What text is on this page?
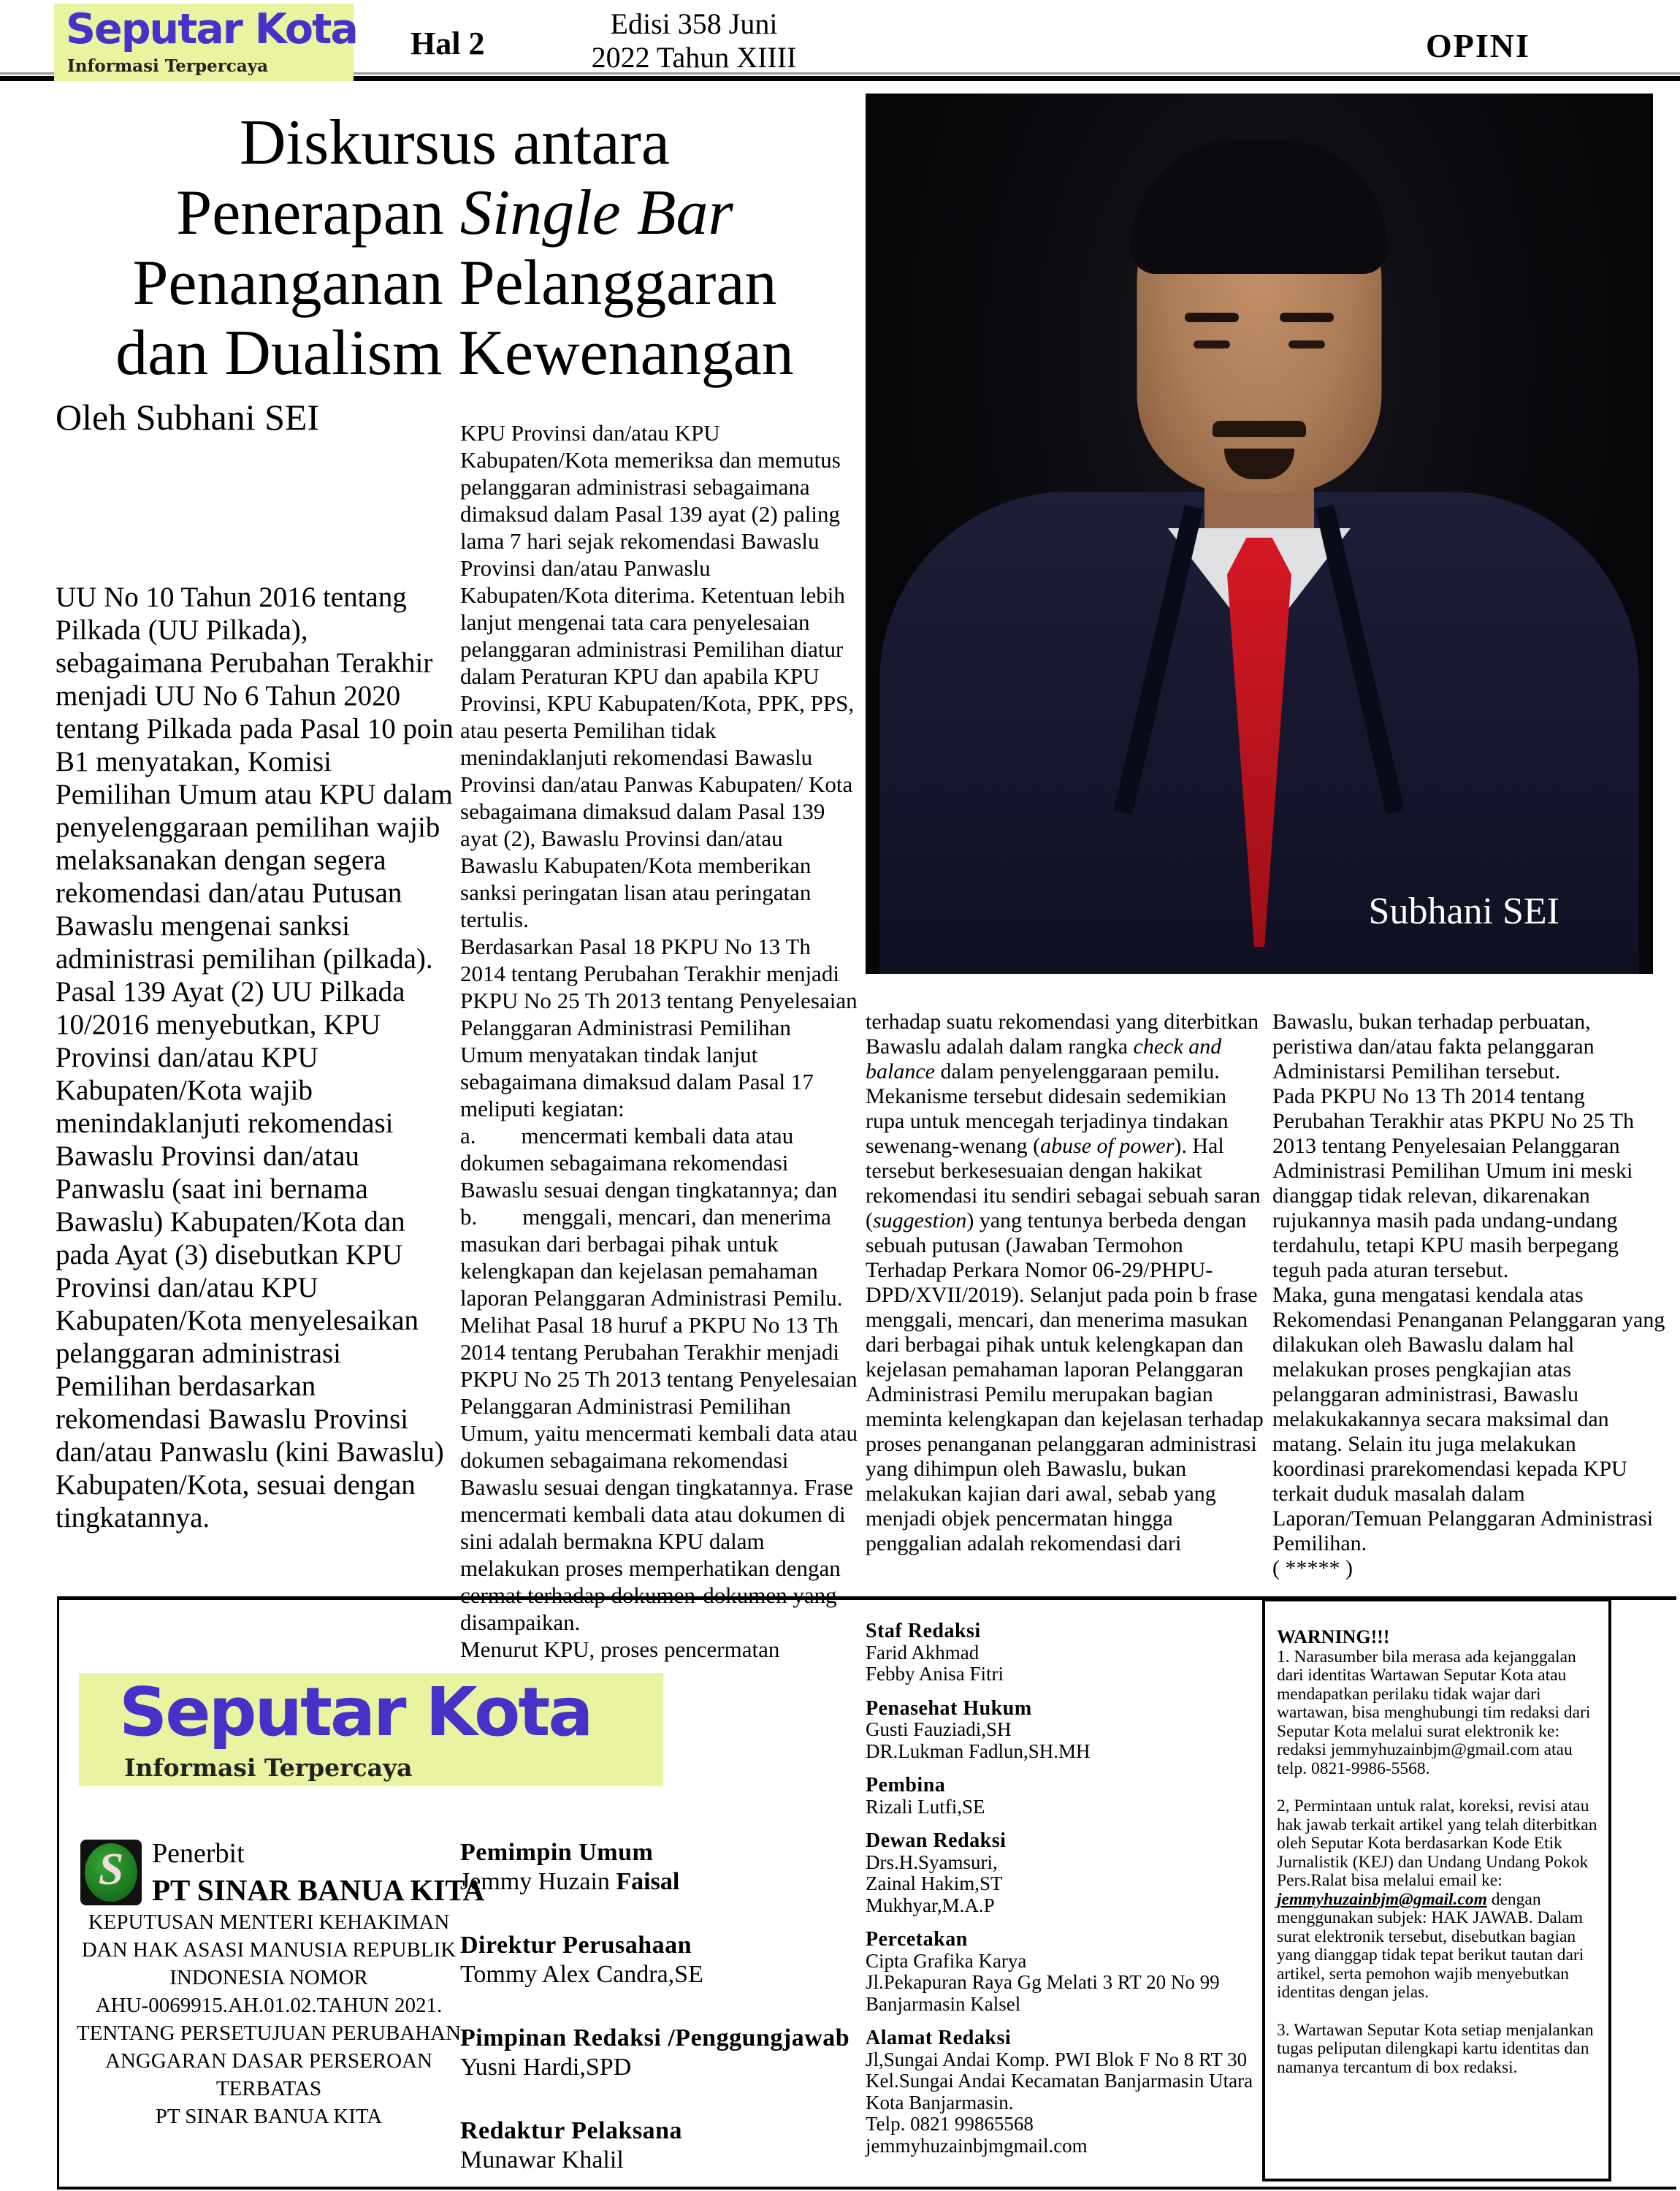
Seputar Kota
Informasi Terpercaya
Hal 2
Edisi 358 Juni
2022 Tahun XIIII	OPINI
Diskursus antara
Penerapan Single Bar
Penanganan Pelanggaran
dan Dualism Kewenangan
Oleh Subhani SEI
Subhani SEI

UU No 10 Tahun 2016 tentang Pilkada (UU Pilkada), sebagaimana Perubahan Terakhir menjadi UU No 6 Tahun 2020 tentang Pilkada pada Pasal 10 poin B1 menyatakan, Komisi Pemilihan Umum atau KPU dalam penyelenggaraan pemilihan wajib melaksanakan dengan segera rekomendasi dan/atau Putusan Bawaslu mengenai sanksi administrasi pemilihan (pilkada).

Pasal 139 Ayat (2) UU Pilkada 10/2016 menyebutkan, KPU Provinsi dan/atau KPU Kabupaten/Kota wajib menindaklanjuti rekomendasi Bawaslu Provinsi dan/atau Panwaslu (saat ini bernama Bawaslu) Kabupaten/Kota dan pada Ayat (3) disebutkan KPU Provinsi dan/atau KPU Kabupaten/Kota menyelesaikan pelanggaran administrasi Pemilihan berdasarkan rekomendasi Bawaslu Provinsi dan/atau Panwaslu (kini Bawaslu) Kabupaten/Kota, sesuai dengan tingkatannya.

KPU Provinsi dan/atau KPU Kabupaten/Kota memeriksa dan memutus pelanggaran administrasi sebagaimana dimaksud dalam Pasal 139 ayat (2) paling lama 7 hari sejak rekomendasi Bawaslu Provinsi dan/atau Panwaslu Kabupaten/Kota diterima. Ketentuan lebih lanjut mengenai tata cara penyelesaian pelanggaran administrasi Pemilihan diatur dalam Peraturan KPU dan apabila KPU Provinsi, KPU Kabupaten/Kota, PPK, PPS, atau peserta Pemilihan tidak menindaklanjuti rekomendasi Bawaslu Provinsi dan/atau Panwas Kabupaten/ Kota sebagaimana dimaksud dalam Pasal 139 ayat (2), Bawaslu Provinsi dan/atau Bawaslu Kabupaten/Kota memberikan sanksi peringatan lisan atau peringatan tertulis.

Berdasarkan Pasal 18 PKPU No 13 Th 2014 tentang Perubahan Terakhir menjadi PKPU No 25 Th 2013 tentang Penyelesaian Pelanggaran Administrasi Pemilihan Umum menyatakan tindak lanjut sebagaimana dimaksud dalam Pasal 17 meliputi kegiatan:

a.  mencermati kembali data atau dokumen sebagaimana rekomendasi Bawaslu sesuai dengan tingkatannya; dan

b.  menggali, mencari, dan menerima masukan dari berbagai pihak untuk kelengkapan dan kejelasan pemahaman laporan Pelanggaran Administrasi Pemilu.

Melihat Pasal 18 huruf a PKPU No 13 Th 2014 tentang Perubahan Terakhir menjadi PKPU No 25 Th 2013 tentang Penyelesaian Pelanggaran Administrasi Pemilihan Umum, yaitu mencermati kembali data atau dokumen sebagaimana rekomendasi Bawaslu sesuai dengan tingkatannya. Frase mencermati kembali data atau dokumen di sini adalah bermakna KPU dalam melakukan proses memperhatikan dengan cermat terhadap dokumen-dokumen yang disampaikan.

Menurut KPU, proses pencermatan

terhadap suatu rekomendasi yang diterbitkan Bawaslu adalah dalam rangka check and balance dalam penyelenggaraan pemilu. Mekanisme tersebut didesain sedemikian rupa untuk mencegah terjadinya tindakan sewenang-wenang (abuse of power). Hal tersebut berkesesuaian dengan hakikat rekomendasi itu sendiri sebagai sebuah saran (suggestion) yang tentunya berbeda dengan sebuah putusan (Jawaban Termohon Terhadap Perkara Nomor 06-29/PHPU-DPD/XVII/2019). Selanjut pada poin b frase menggali, mencari, dan menerima masukan dari berbagai pihak untuk kelengkapan dan kejelasan pemahaman laporan Pelanggaran Administrasi Pemilu merupakan bagian meminta kelengkapan dan kejelasan terhadap proses penanganan pelanggaran administrasi yang dihimpun oleh Bawaslu, bukan melakukan kajian dari awal, sebab yang menjadi objek pencermatan hingga penggalian adalah rekomendasi dari

Bawaslu, bukan terhadap perbuatan, peristiwa dan/atau fakta pelanggaran Administarsi Pemilihan tersebut.

Pada PKPU No 13 Th 2014 tentang Perubahan Terakhir atas PKPU No 25 Th 2013 tentang Penyelesaian Pelanggaran Administrasi Pemilihan Umum ini meski dianggap tidak relevan, dikarenakan rujukannya masih pada undang-undang terdahulu, tetapi KPU masih berpegang teguh pada aturan tersebut.

Maka, guna mengatasi kendala atas Rekomendasi Penanganan Pelanggaran yang dilakukan oleh Bawaslu dalam hal melakukan proses pengkajian atas pelanggaran administrasi, Bawaslu melakukakannya secara maksimal dan matang. Selain itu juga melakukan koordinasi prarekomendasi kepada KPU terkait duduk masalah dalam Laporan/Temuan Pelanggaran Administrasi Pemilihan.

( ***** )

Seputar Kota
Informasi Terpercaya
S	Penerbit
PT SINAR BANUA KITA
KEPUTUSAN MENTERI KEHAKIMAN
DAN HAK ASASI MANUSIA REPUBLIK
INDONESIA NOMOR
AHU-0069915.AH.01.02.TAHUN 2021.
TENTANG PERSETUJUAN PERUBAHAN
ANGGARAN DASAR PERSEROAN
TERBATAS
PT SINAR BANUA KITA
Pemimpin Umum
Jemmy Huzain Faisal
Direktur Perusahaan
Tommy Alex Candra,SE
Pimpinan Redaksi /Penggungjawab
Yusni Hardi,SPD
Redaktur Pelaksana
Munawar Khalil
Staf Redaksi
Farid Akhmad
Febby Anisa Fitri
Penasehat Hukum
Gusti Fauziadi,SH
DR.Lukman Fadlun,SH.MH
Pembina
Rizali Lutfi,SE
Dewan Redaksi
Drs.H.Syamsuri,
Zainal Hakim,ST
Mukhyar,M.A.P
Percetakan
Cipta Grafika Karya
Jl.Pekapuran Raya Gg Melati 3 RT 20 No 99 Banjarmasin Kalsel
Alamat Redaksi
Jl,Sungai Andai Komp. PWI Blok F No 8 RT 30 Kel.Sungai Andai Kecamatan Banjarmasin Utara Kota Banjarmasin.
Telp. 0821 99865568
jemmyhuzainbjmgmail.com
WARNING!!!

1. Narasumber bila merasa ada kejanggalan dari identitas Wartawan Seputar Kota atau mendapatkan perilaku tidak wajar dari wartawan, bisa menghubungi tim redaksi dari Seputar Kota melalui surat elektronik ke: redaksi jemmyhuzainbjm@gmail.com atau telp. 0821-9986-5568.

2, Permintaan untuk ralat, koreksi, revisi atau hak jawab terkait artikel yang telah diterbitkan oleh Seputar Kota berdasarkan Kode Etik Jurnalistik (KEJ) dan Undang Undang Pokok Pers.Ralat bisa melalui email ke: jemmyhuzainbjm@gmail.com dengan menggunakan subjek: HAK JAWAB. Dalam surat elektronik tersebut, disebutkan bagian yang dianggap tidak tepat berikut tautan dari artikel, serta pemohon wajib menyebutkan identitas dengan jelas.

3. Wartawan Seputar Kota setiap menjalankan tugas peliputan dilengkapi kartu identitas dan namanya tercantum di box redaksi.
